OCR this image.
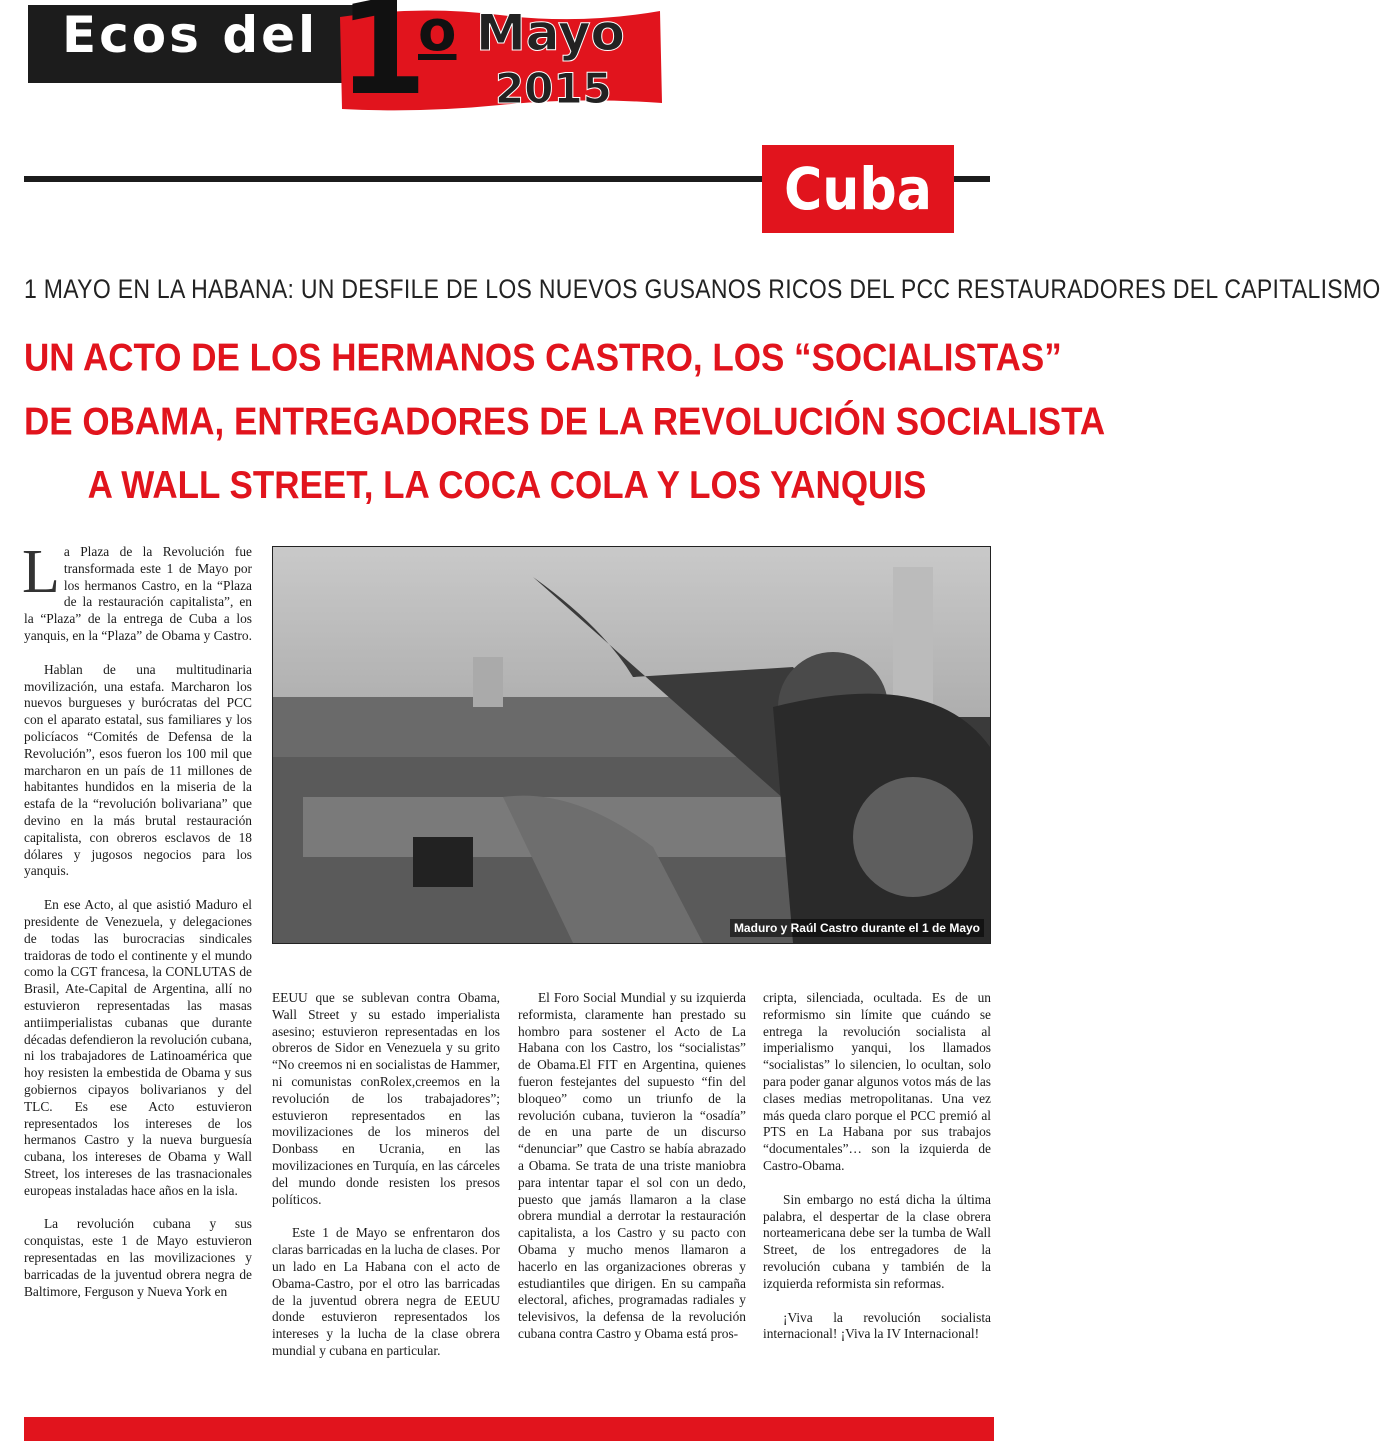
Ecos del 1
o Mayo
2015
Cuba
1 MAYO EN LA HABANA: UN DESFILE DE LOS NUEVOS GUSANOS RICOS DEL PCC RESTAURADORES DEL CAPITALISMO
UN ACTO DE LOS HERMANOS CASTRO, LOS “SOCIALISTAS”
DE OBAMA, ENTREGADORES DE LA REVOLUCIÓN SOCIALISTA
A WALL STREET, LA COCA COLA Y LOS YANQUIS

La Plaza de la Revolución fue transformada este 1 de Mayo por los hermanos Castro, en la “Plaza de la restauración capitalista”, en la “Plaza” de la entrega de Cuba a los yanquis, en la “Plaza” de Obama y Castro.

Hablan de una multitudinaria movilización, una estafa. Marcharon los nuevos burgueses y burócratas del PCC con el aparato estatal, sus familiares y los policíacos “Comités de Defensa de la Revolución”, esos fueron los 100 mil que marcharon en un país de 11 millones de habitantes hundidos en la miseria de la estafa de la “revolución bolivariana” que devino en la más brutal restauración capitalista, con obreros esclavos de 18 dólares y jugosos negocios para los yanquis.

En ese Acto, al que asistió Maduro el presidente de Venezuela, y delegaciones de todas las burocracias sindicales traidoras de todo el continente y el mundo como la CGT francesa, la CONLUTAS de Brasil, Ate-Capital de Argentina, allí no estuvieron representadas las masas antiimperialistas cubanas que durante décadas defendieron la revolución cubana, ni los trabajadores de Latinoamérica que hoy resisten la embestida de Obama y sus gobiernos cipayos bolivarianos y del TLC. Es ese Acto estuvieron representados los intereses de los hermanos Castro y la nueva burguesía cubana, los intereses de Obama y Wall Street, los intereses de las trasnacionales europeas instaladas hace años en la isla.

La revolución cubana y sus conquistas, este 1 de Mayo estuvieron representadas en las movilizaciones y barricadas de la juventud obrera negra de Baltimore, Ferguson y Nueva York en

Maduro y Raúl Castro durante el 1 de Mayo

EEUU que se sublevan contra Obama, Wall Street y su estado imperialista asesino; estuvieron representadas en los obreros de Sidor en Venezuela y su grito “No creemos ni en socialistas de Hammer, ni comunistas conRolex,creemos en la revolución de los trabajadores”; estuvieron representados en las movilizaciones de los mineros del Donbass en Ucrania, en las movilizaciones en Turquía, en las cárceles del mundo donde resisten los presos políticos.

Este 1 de Mayo se enfrentaron dos claras barricadas en la lucha de clases. Por un lado en La Habana con el acto de Obama-Castro, por el otro las barricadas de la juventud obrera negra de EEUU donde estuvieron representados los intereses y la lucha de la clase obrera mundial y cubana en particular.

El Foro Social Mundial y su izquierda reformista, claramente han prestado su hombro para sostener el Acto de La Habana con los Castro, los “socialistas” de Obama.El FIT en Argentina, quienes fueron festejantes del supuesto “fin del bloqueo” como un triunfo de la revolución cubana, tuvieron la “osadía” de en una parte de un discurso “denunciar” que Castro se había abrazado a Obama. Se trata de una triste maniobra para intentar tapar el sol con un dedo, puesto que jamás llamaron a la clase obrera mundial a derrotar la restauración capitalista, a los Castro y su pacto con Obama y mucho menos llamaron a hacerlo en las organizaciones obreras y estudiantiles que dirigen. En su campaña electoral, afiches, programadas radiales y televisivos, la defensa de la revolución cubana contra Castro y Obama está pros-

cripta, silenciada, ocultada. Es de un reformismo sin límite que cuándo se entrega la revolución socialista al imperialismo yanqui, los llamados “socialistas” lo silencien, lo ocultan, solo para poder ganar algunos votos más de las clases medias metropolitanas. Una vez más queda claro porque el PCC premió al PTS en La Habana por sus trabajos “documentales”… son la izquierda de Castro-Obama.

Sin embargo no está dicha la última palabra, el despertar de la clase obrera norteamericana debe ser la tumba de Wall Street, de los entregadores de la revolución cubana y también de la izquierda reformista sin reformas.

¡Viva la revolución socialista internacional! ¡Viva la IV Internacional!
